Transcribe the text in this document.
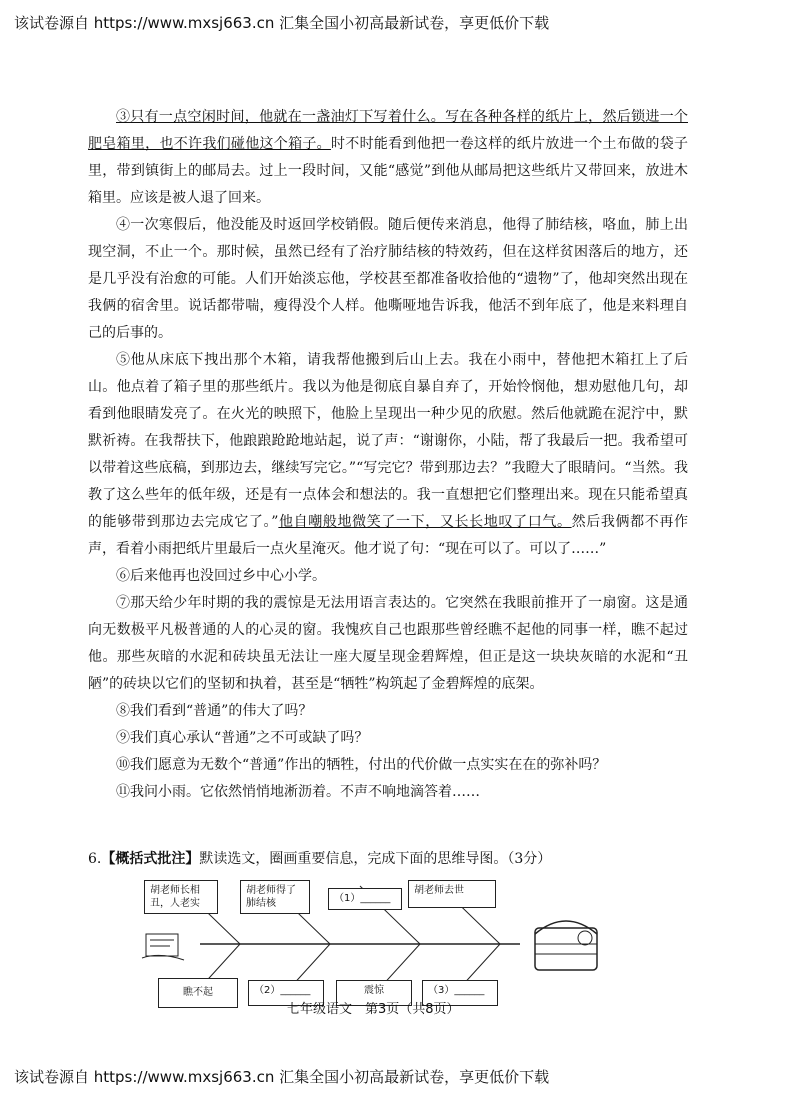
该试卷源自 https://www.mxsj663.cn 汇集全国小初高最新试卷，享更低价下载

③只有一点空闲时间，他就在一盏油灯下写着什么。写在各种各样的纸片上，然后锁进一个肥皂箱里，也不许我们碰他这个箱子。时不时能看到他把一卷这样的纸片放进一个土布做的袋子里，带到镇街上的邮局去。过上一段时间，又能“感觉”到他从邮局把这些纸片又带回来，放进木箱里。应该是被人退了回来。

④一次寒假后，他没能及时返回学校销假。随后便传来消息，他得了肺结核，咯血，肺上出现空洞，不止一个。那时候，虽然已经有了治疗肺结核的特效药，但在这样贫困落后的地方，还是几乎没有治愈的可能。人们开始淡忘他，学校甚至都准备收拾他的“遗物”了，他却突然出现在我俩的宿舍里。说话都带喘，瘦得没个人样。他嘶哑地告诉我，他活不到年底了，他是来料理自己的后事的。

⑤他从床底下拽出那个木箱，请我帮他搬到后山上去。我在小雨中，替他把木箱扛上了后山。他点着了箱子里的那些纸片。我以为他是彻底自暴自弃了，开始怜悯他，想劝慰他几句，却看到他眼睛发亮了。在火光的映照下，他脸上呈现出一种少见的欣慰。然后他就跪在泥泞中，默默祈祷。在我帮扶下，他踉踉跄跄地站起，说了声：“谢谢你，小陆，帮了我最后一把。我希望可以带着这些底稿，到那边去，继续写完它。”“写完它？带到那边去？”我瞪大了眼睛问。“当然。我教了这么些年的低年级，还是有一点体会和想法的。我一直想把它们整理出来。现在只能希望真的能够带到那边去完成它了。”他自嘲般地微笑了一下，又长长地叹了口气。然后我俩都不再作声，看着小雨把纸片里最后一点火星淹灭。他才说了句：“现在可以了。可以了……”

⑥后来他再也没回过乡中心小学。

⑦那天给少年时期的我的震惊是无法用语言表达的。它突然在我眼前推开了一扇窗。这是通向无数极平凡极普通的人的心灵的窗。我愧疚自己也跟那些曾经瞧不起他的同事一样，瞧不起过他。那些灰暗的水泥和砖块虽无法让一座大厦呈现金碧辉煌，但正是这一块块灰暗的水泥和“丑陋”的砖块以它们的坚韧和执着，甚至是“牺牲”构筑起了金碧辉煌的底架。

⑧我们看到“普通”的伟大了吗？

⑨我们真心承认“普通”之不可或缺了吗？

⑩我们愿意为无数个“普通”作出的牺牲，付出的代价做一点实实在在的弥补吗？

⑪我问小雨。它依然悄悄地淅沥着。不声不响地滴答着……

6.【概括式批注】默读选文，圈画重要信息，完成下面的思维导图。（3分）
胡老师长相丑，人老实
胡老师得了肺结核	（1）______
胡老师去世
瞧不起	（2）______	震惊	（3）______
七年级语文　第3页（共8页）
该试卷源自 https://www.mxsj663.cn 汇集全国小初高最新试卷，享更低价下载
